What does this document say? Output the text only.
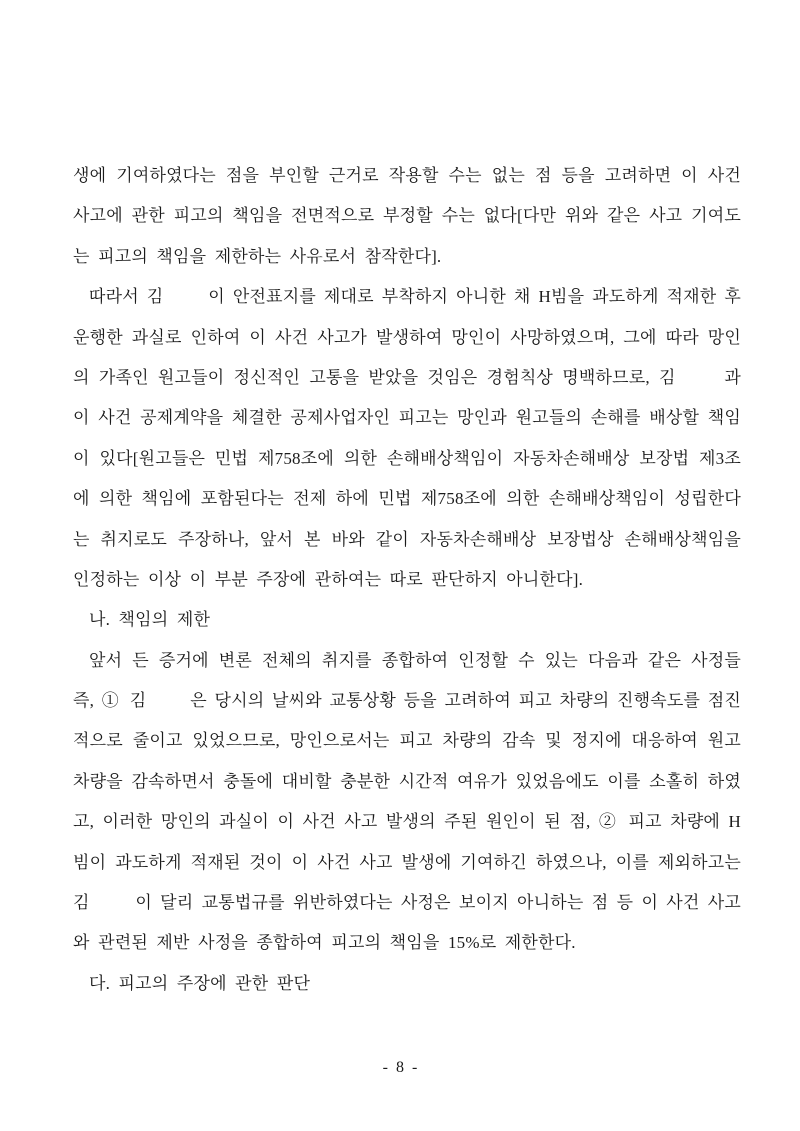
생에 기여하였다는 점을 부인할 근거로 작용할 수는 없는 점 등을 고려하면 이 사건
사고에 관한 피고의 책임을 전면적으로 부정할 수는 없다[다만 위와 같은 사고 기여도
는 피고의 책임을 제한하는 사유로서 참작한다].
따라서 김　　이 안전표지를 제대로 부착하지 아니한 채 H빔을 과도하게 적재한 후
운행한 과실로 인하여 이 사건 사고가 발생하여 망인이 사망하였으며, 그에 따라 망인
의 가족인 원고들이 정신적인 고통을 받았을 것임은 경험칙상 명백하므로, 김　　과
이 사건 공제계약을 체결한 공제사업자인 피고는 망인과 원고들의 손해를 배상할 책임
이 있다[원고들은 민법 제758조에 의한 손해배상책임이 자동차손해배상 보장법 제3조
에 의한 책임에 포함된다는 전제 하에 민법 제758조에 의한 손해배상책임이 성립한다
는 취지로도 주장하나, 앞서 본 바와 같이 자동차손해배상 보장법상 손해배상책임을
인정하는 이상 이 부분 주장에 관하여는 따로 판단하지 아니한다].
나. 책임의 제한
앞서 든 증거에 변론 전체의 취지를 종합하여 인정할 수 있는 다음과 같은 사정들
즉, ① 김　　은 당시의 날씨와 교통상황 등을 고려하여 피고 차량의 진행속도를 점진
적으로 줄이고 있었으므로, 망인으로서는 피고 차량의 감속 및 정지에 대응하여 원고
차량을 감속하면서 충돌에 대비할 충분한 시간적 여유가 있었음에도 이를 소홀히 하였
고, 이러한 망인의 과실이 이 사건 사고 발생의 주된 원인이 된 점, ② 피고 차량에 H
빔이 과도하게 적재된 것이 이 사건 사고 발생에 기여하긴 하였으나, 이를 제외하고는
김　　이 달리 교통법규를 위반하였다는 사정은 보이지 아니하는 점 등 이 사건 사고
와 관련된 제반 사정을 종합하여 피고의 책임을 15%로 제한한다.
다. 피고의 주장에 관한 판단
- 8 -
